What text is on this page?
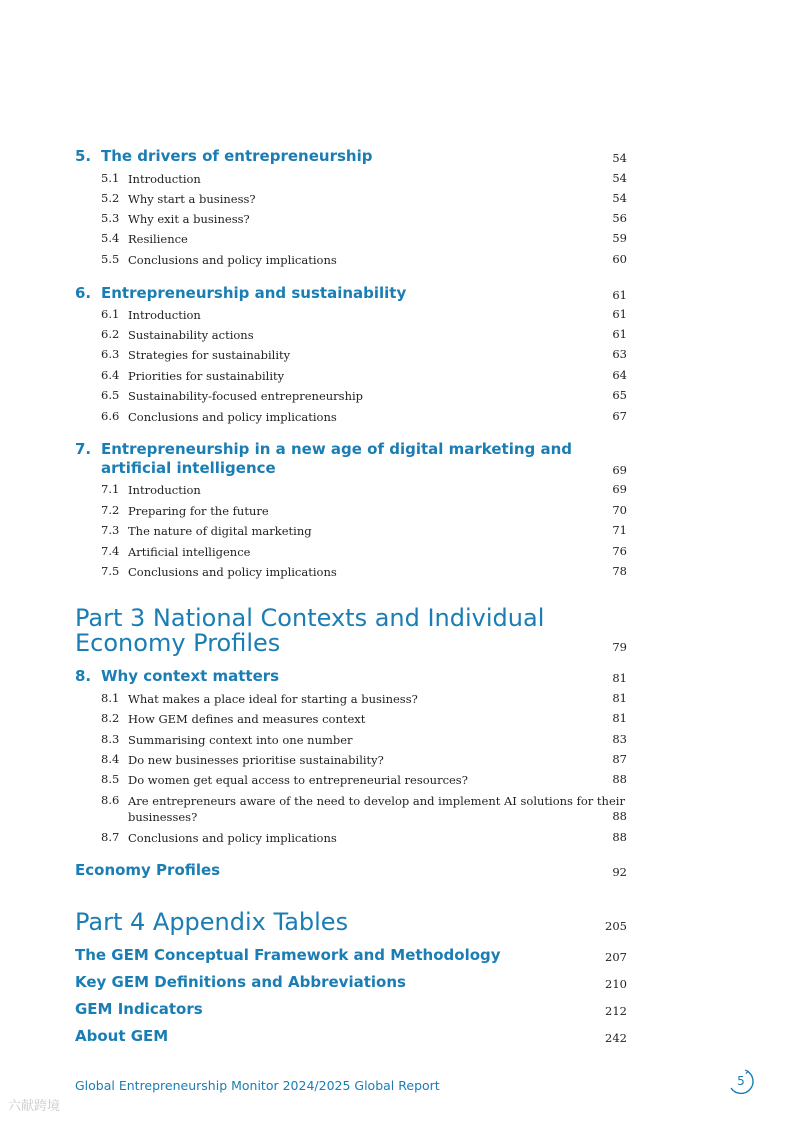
5. The drivers of entrepreneurship	54
5.1 Introduction	54
5.2 Why start a business?	54
5.3 Why exit a business?	56
5.4 Resilience	59
5.5 Conclusions and policy implications	60
6. Entrepreneurship and sustainability	61
6.1 Introduction	61
6.2 Sustainability actions	61
6.3 Strategies for sustainability	63
6.4 Priorities for sustainability	64
6.5 Sustainability-focused entrepreneurship	65
6.6 Conclusions and policy implications	67
7. Entrepreneurship in a new age of digital marketing and
artificial intelligence	69
7.1 Introduction	69
7.2 Preparing for the future	70
7.3 The nature of digital marketing	71
7.4 Artificial intelligence	76
7.5 Conclusions and policy implications	78
Part 3 National Contexts and Individual
Economy Profiles	79
8. Why context matters	81
8.1 What makes a place ideal for starting a business?	81
8.2 How GEM defines and measures context	81
8.3 Summarising context into one number	83
8.4 Do new businesses prioritise sustainability?	87
8.5 Do women get equal access to entrepreneurial resources?	88
8.6 Are entrepreneurs aware of the need to develop and implement AI solutions for their
businesses?	88
8.7 Conclusions and policy implications	88
Economy Profiles	92
Part 4 Appendix Tables	205
The GEM Conceptual Framework and Methodology	207
Key GEM Definitions and Abbreviations	210
GEM Indicators	212
About GEM	242
Global Entrepreneurship Monitor 2024/2025 Global Report	5
六献跨境
